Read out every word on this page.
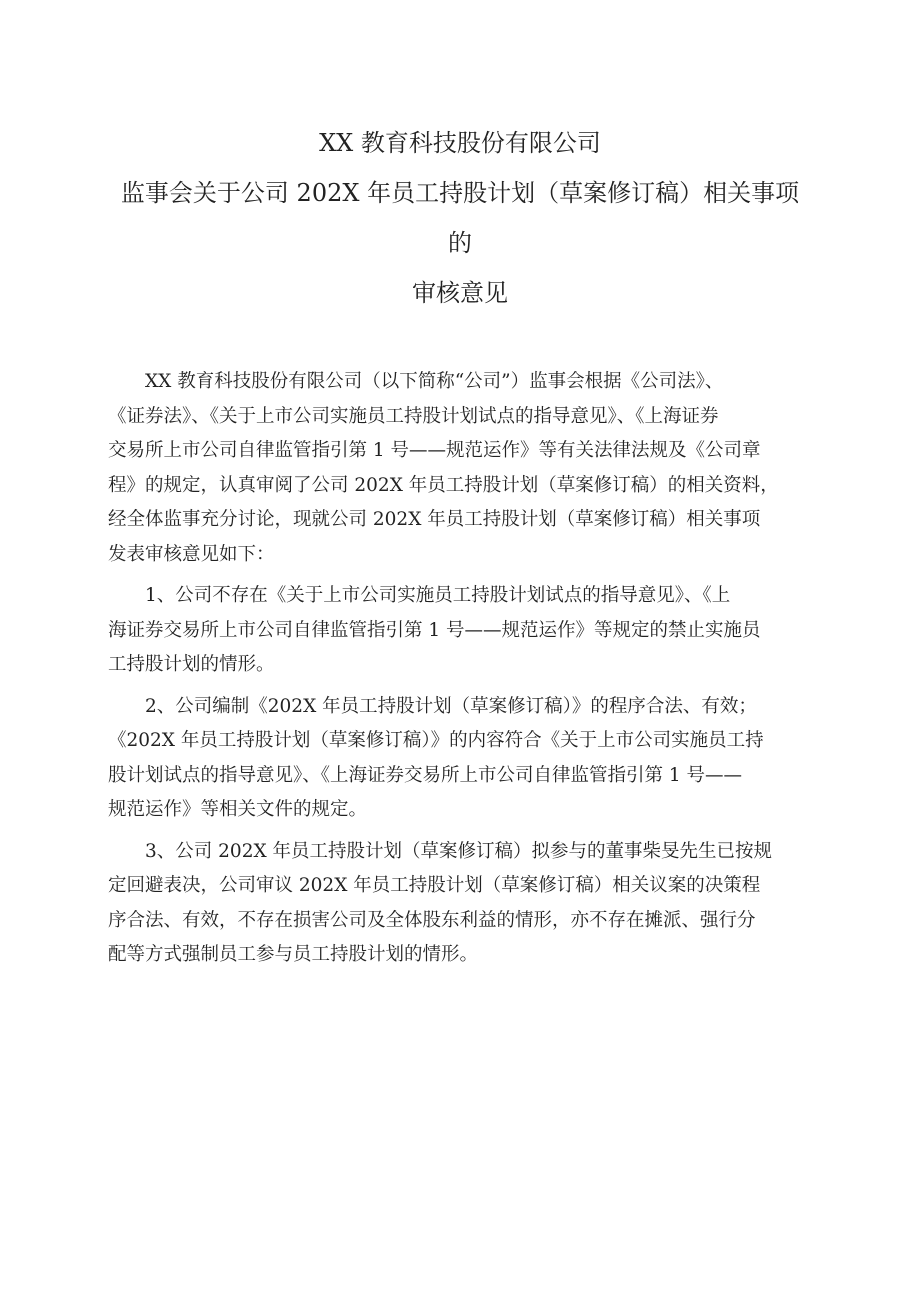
XX 教育科技股份有限公司
监事会关于公司 202X 年员工持股计划（草案修订稿）相关事项
的
审核意见

XX 教育科技股份有限公司（以下简称“公司”）监事会根据《公司法》、
《证券法》、《关于上市公司实施员工持股计划试点的指导意见》、《上海证券
交易所上市公司自律监管指引第 1 号——规范运作》等有关法律法规及《公司章
程》的规定，认真审阅了公司 202X 年员工持股计划（草案修订稿）的相关资料，
经全体监事充分讨论，现就公司 202X 年员工持股计划（草案修订稿）相关事项
发表审核意见如下：

1、公司不存在《关于上市公司实施员工持股计划试点的指导意见》、《上
海证券交易所上市公司自律监管指引第 1 号——规范运作》等规定的禁止实施员
工持股计划的情形。

2、公司编制《202X 年员工持股计划（草案修订稿）》的程序合法、有效；
《202X 年员工持股计划（草案修订稿）》的内容符合《关于上市公司实施员工持
股计划试点的指导意见》、《上海证券交易所上市公司自律监管指引第 1 号——
规范运作》等相关文件的规定。

3、公司 202X 年员工持股计划（草案修订稿）拟参与的董事柴旻先生已按规
定回避表决，公司审议 202X 年员工持股计划（草案修订稿）相关议案的决策程
序合法、有效，不存在损害公司及全体股东利益的情形，亦不存在摊派、强行分
配等方式强制员工参与员工持股计划的情形。
